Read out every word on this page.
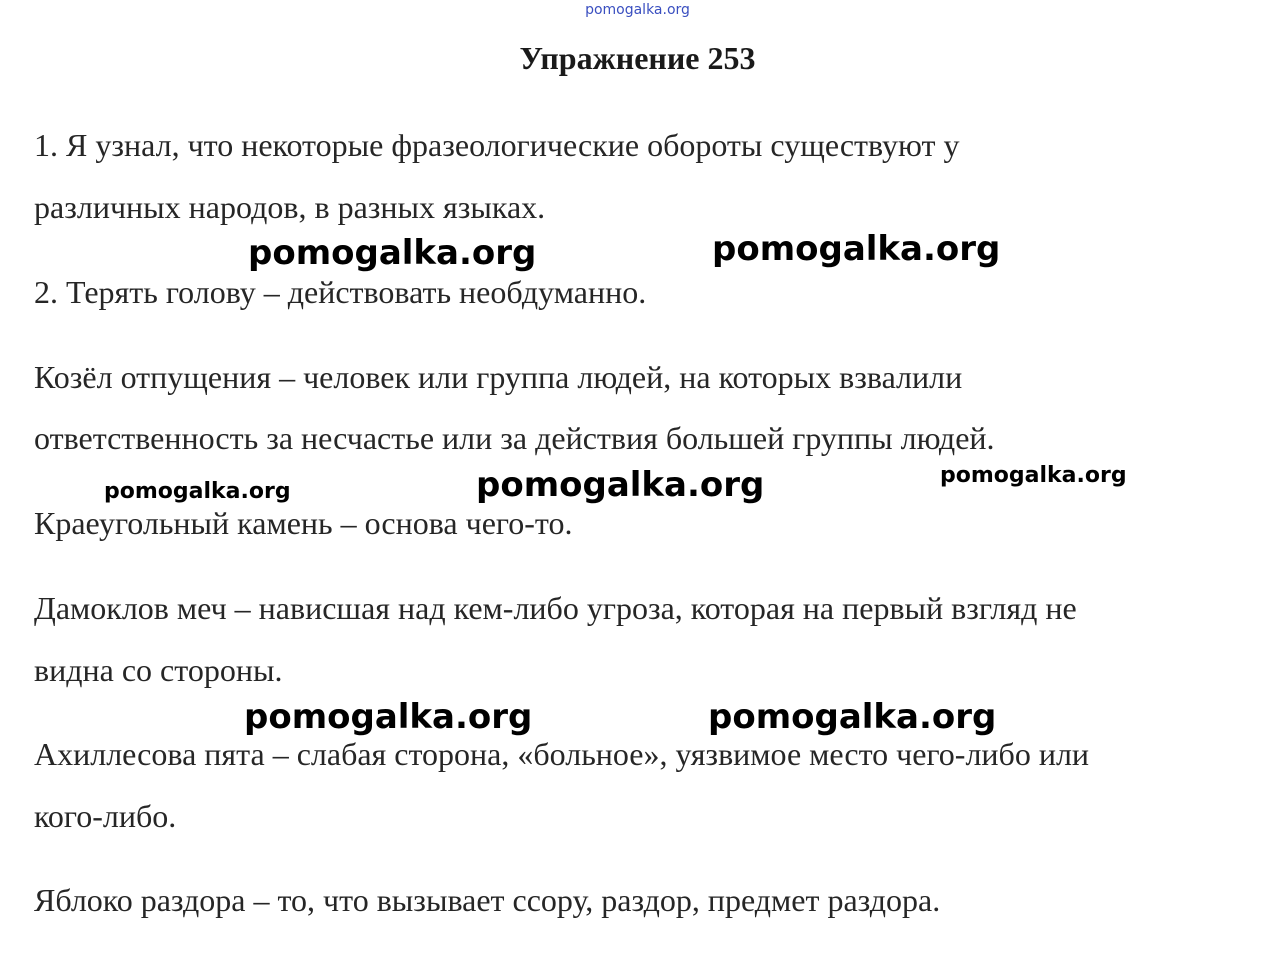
pomogalka.org
Упражнение 253
1. Я узнал, что некоторые фразеологические обороты существуют у
различных народов, в разных языках.
2. Терять голову – действовать необдуманно.
Козёл отпущения – человек или группа людей, на которых взвалили
ответственность за несчастье или за действия большей группы людей.
Краеугольный камень – основа чего-то.
Дамоклов меч – нависшая над кем-либо угроза, которая на первый взгляд не
видна со стороны.
Ахиллесова пята – слабая сторона, «больное», уязвимое место чего-либо или
кого-либо.
Яблоко раздора – то, что вызывает ссору, раздор, предмет раздора.
pomogalka.org	pomogalka.org
pomogalka.org	pomogalka.org	pomogalka.org
pomogalka.org	pomogalka.org
